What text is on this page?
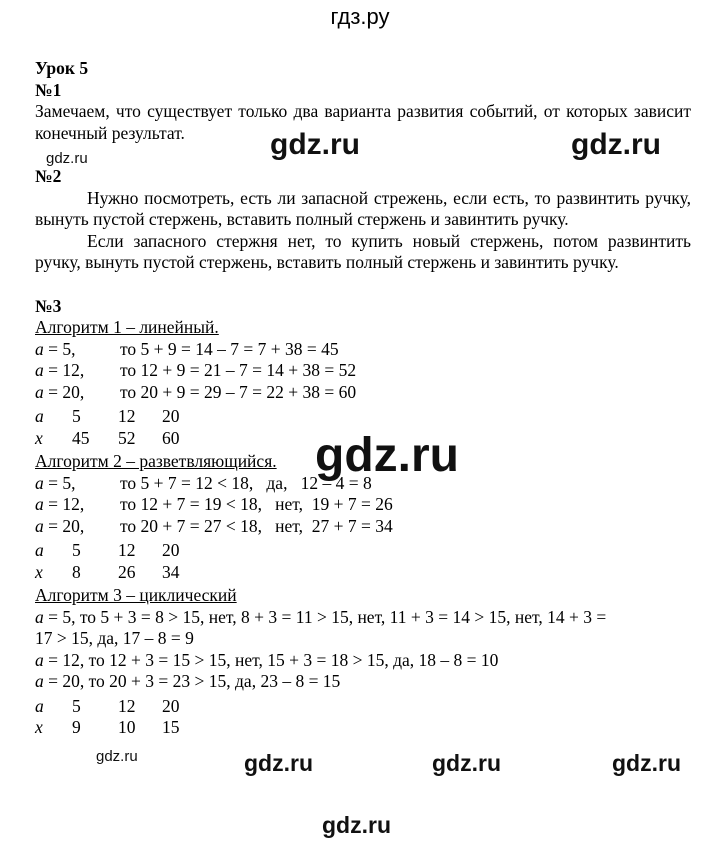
гдз.ру

Урок 5

№1

Замечаем, что существует только два варианта развития событий, от которых зависит конечный результат.

№2

Нужно посмотреть, есть ли запасной стрежень, если есть, то развинтить ручку, вынуть пустой стержень, вставить полный стержень и завинтить ручку.

Если запасного стержня нет, то купить новый стержень, потом развинтить ручку, вынуть пустой стержень, вставить полный стержень и завинтить ручку.

№3

Алгоритм 1 – линейный.

a = 5,	то 5 + 9 = 14 – 7 = 7 + 38 = 45
a = 12,	то 12 + 9 = 21 – 7 = 14 + 38 = 52
a = 20,	то 20 + 9 = 29 – 7 = 22 + 38 = 60
a	5	12	20
x	45	52	60

Алгоритм 2 – разветвляющийся.

a = 5,	то 5 + 7 = 12 < 18,   да,   12 – 4 = 8
a = 12,	то 12 + 7 = 19 < 18,   нет,  19 + 7 = 26
a = 20,	то 20 + 7 = 27 < 18,   нет,  27 + 7 = 34
a	5	12	20
x	8	26	34

Алгоритм 3 – циклический

a = 5, то 5 + 3 = 8 > 15, нет, 8 + 3 = 11 > 15, нет, 11 + 3 = 14 > 15, нет, 14 + 3 =

17 > 15, да, 17 – 8 = 9

a = 12, то 12 + 3 = 15 > 15, нет, 15 + 3 = 18 > 15, да, 18 – 8 = 10

a = 20, то 20 + 3 = 23 > 15, да, 23 – 8 = 15

a	5	12	20
x	9	10	15
gdz.ru	gdz.ru
gdz.ru
gdz.ru
gdz.ru	gdz.ru	gdz.ru	gdz.ru
gdz.ru
